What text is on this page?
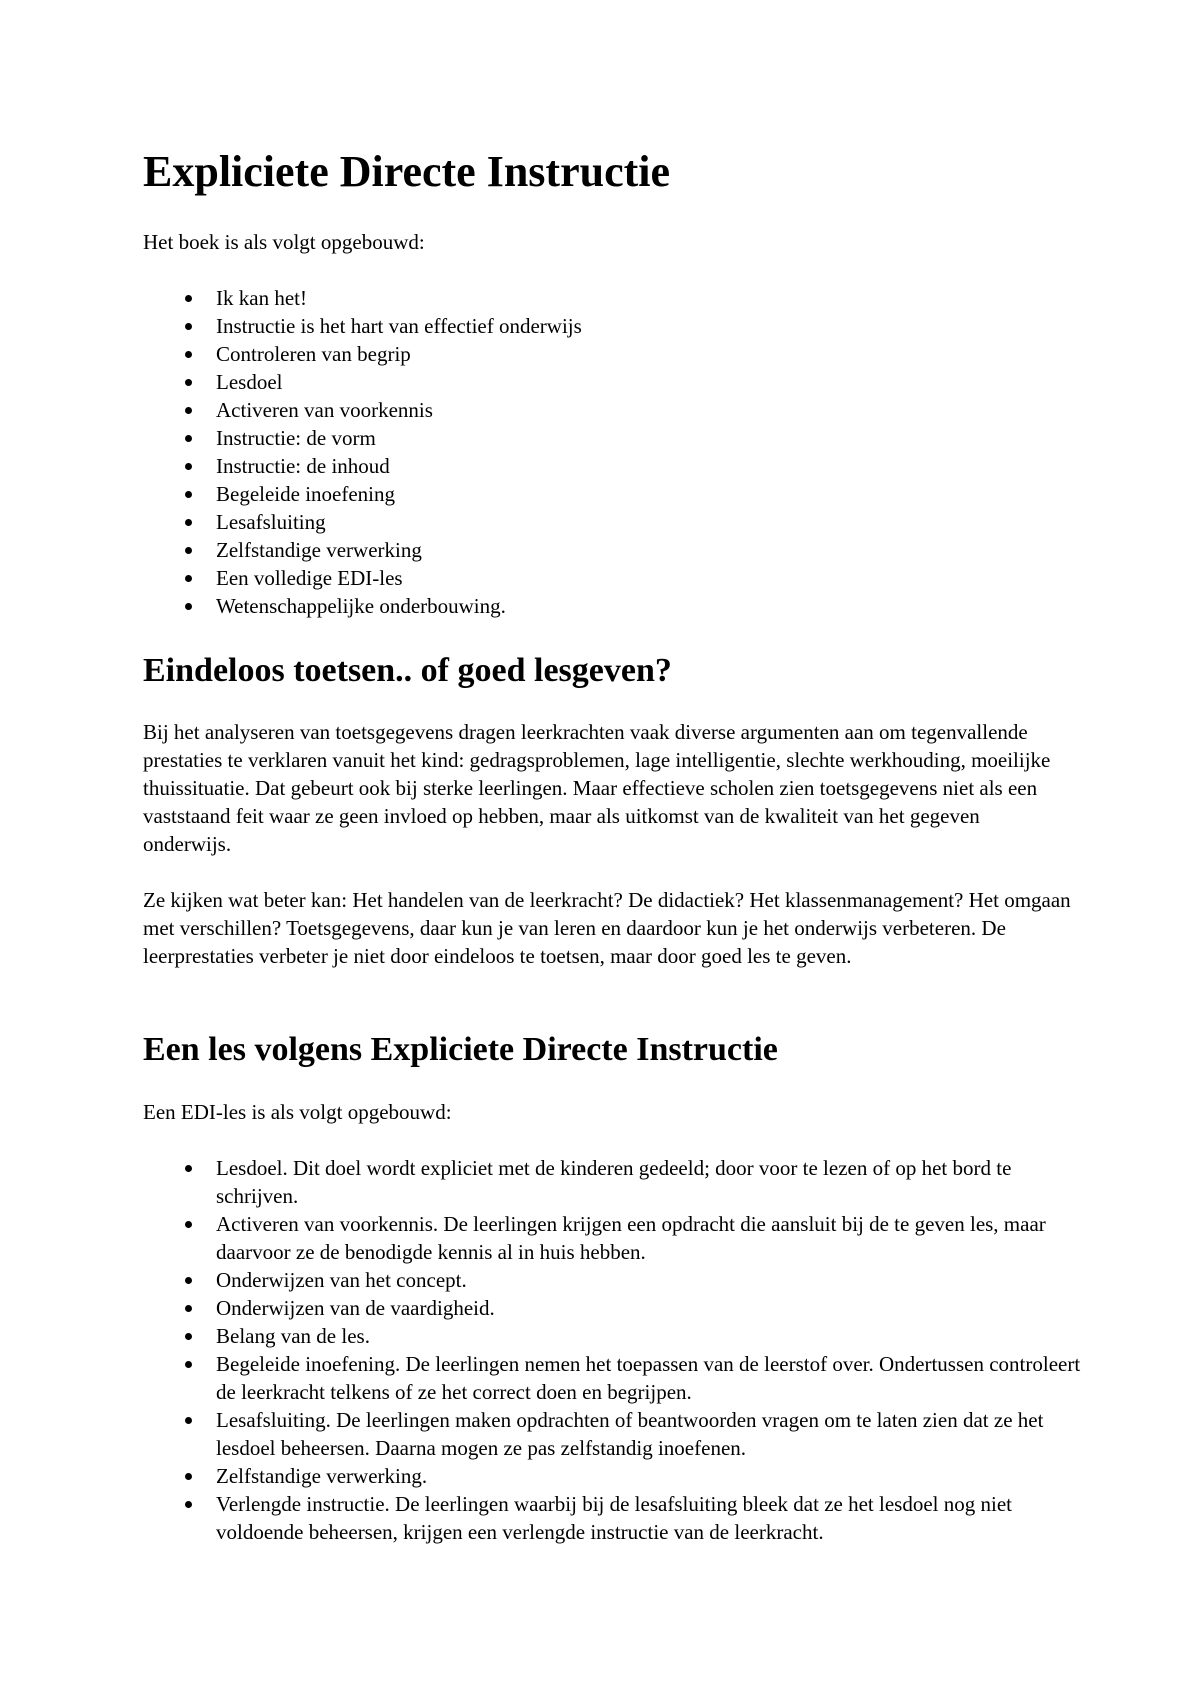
Expliciete Directe Instructie

Het boek is als volgt opgebouwd:

Ik kan het!
Instructie is het hart van effectief onderwijs
Controleren van begrip
Lesdoel
Activeren van voorkennis
Instructie: de vorm
Instructie: de inhoud
Begeleide inoefening
Lesafsluiting
Zelfstandige verwerking
Een volledige EDI-les
Wetenschappelijke onderbouwing.
Eindeloos toetsen.. of goed lesgeven?

Bij het analyseren van toetsgegevens dragen leerkrachten vaak diverse argumenten aan om tegenvallende prestaties te verklaren vanuit het kind: gedragsproblemen, lage intelligentie, slechte werkhouding, moeilijke thuissituatie. Dat gebeurt ook bij sterke leerlingen. Maar effectieve scholen zien toetsgegevens niet als een vaststaand feit waar ze geen invloed op hebben, maar als uitkomst van de kwaliteit van het gegeven onderwijs.

Ze kijken wat beter kan: Het handelen van de leerkracht? De didactiek? Het klassenmanagement? Het omgaan met verschillen? Toetsgegevens, daar kun je van leren en daardoor kun je het onderwijs verbeteren. De leerprestaties verbeter je niet door eindeloos te toetsen, maar door goed les te geven.

Een les volgens Expliciete Directe Instructie

Een EDI-les is als volgt opgebouwd:

Lesdoel. Dit doel wordt expliciet met de kinderen gedeeld; door voor te lezen of op het bord te schrijven.
Activeren van voorkennis. De leerlingen krijgen een opdracht die aansluit bij de te geven les, maar daarvoor ze de benodigde kennis al in huis hebben.
Onderwijzen van het concept.
Onderwijzen van de vaardigheid.
Belang van de les.
Begeleide inoefening. De leerlingen nemen het toepassen van de leerstof over. Ondertussen controleert de leerkracht telkens of ze het correct doen en begrijpen.
Lesafsluiting. De leerlingen maken opdrachten of beantwoorden vragen om te laten zien dat ze het lesdoel beheersen. Daarna mogen ze pas zelfstandig inoefenen.
Zelfstandige verwerking.
Verlengde instructie. De leerlingen waarbij bij de lesafsluiting bleek dat ze het lesdoel nog niet voldoende beheersen, krijgen een verlengde instructie van de leerkracht.
